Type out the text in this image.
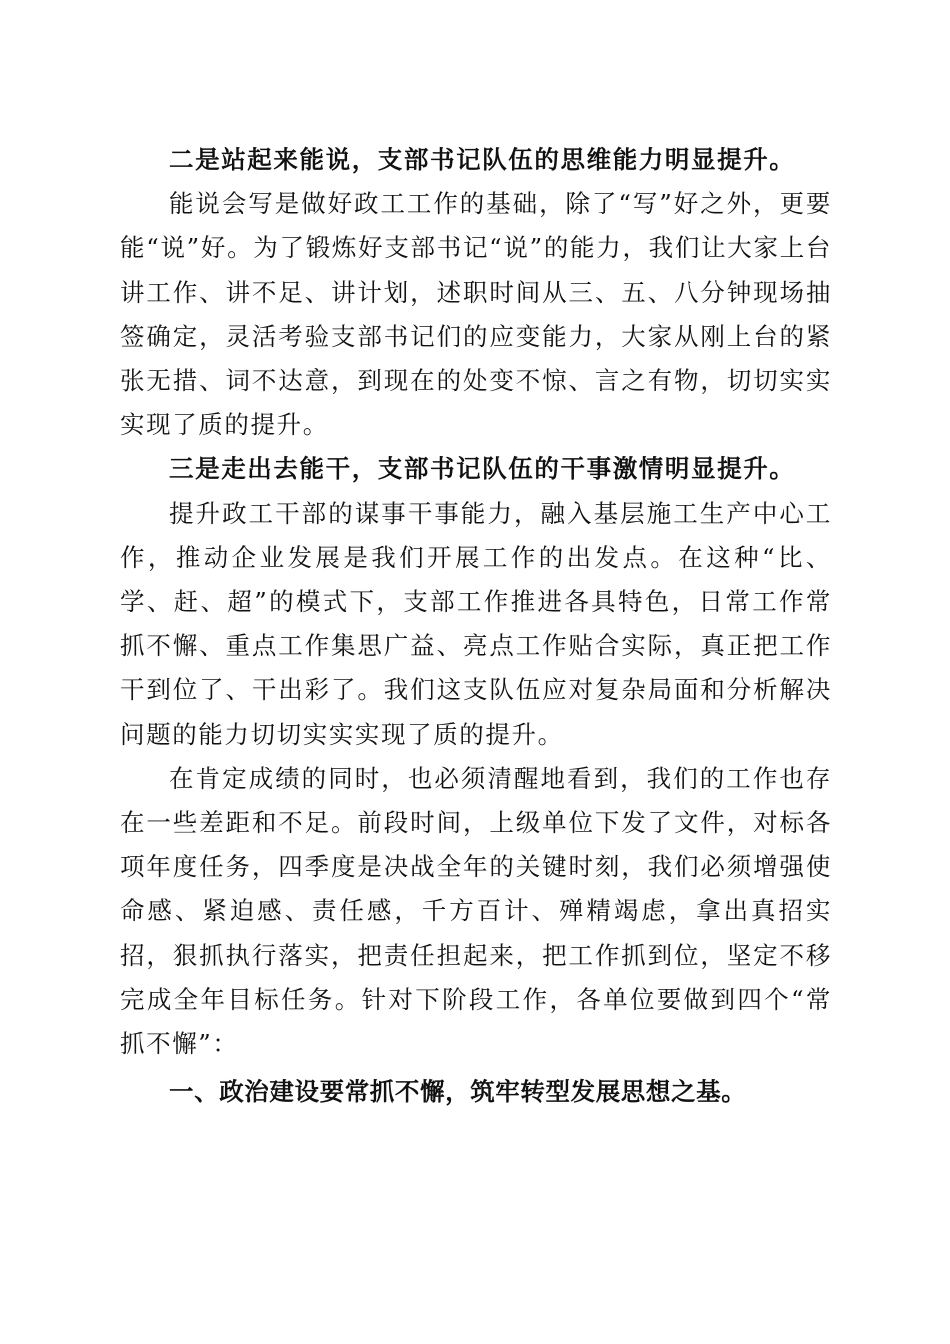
二是站起来能说，支部书记队伍的思维能力明显提升。

能说会写是做好政工工作的基础，除了“写”好之外，更要能“说”好。为了锻炼好支部书记“说”的能力，我们让大家上台讲工作、讲不足、讲计划，述职时间从三、五、八分钟现场抽签确定，灵活考验支部书记们的应变能力，大家从刚上台的紧张无措、词不达意，到现在的处变不惊、言之有物，切切实实实现了质的提升。

三是走出去能干，支部书记队伍的干事激情明显提升。

提升政工干部的谋事干事能力，融入基层施工生产中心工作，推动企业发展是我们开展工作的出发点。在这种“比、学、赶、超”的模式下，支部工作推进各具特色，日常工作常抓不懈、重点工作集思广益、亮点工作贴合实际，真正把工作干到位了、干出彩了。我们这支队伍应对复杂局面和分析解决问题的能力切切实实实现了质的提升。

在肯定成绩的同时，也必须清醒地看到，我们的工作也存在一些差距和不足。前段时间，上级单位下发了文件，对标各项年度任务，四季度是决战全年的关键时刻，我们必须增强使命感、紧迫感、责任感，千方百计、殚精竭虑，拿出真招实招，狠抓执行落实，把责任担起来，把工作抓到位，坚定不移完成全年目标任务。针对下阶段工作，各单位要做到四个“常抓不懈”：

一、政治建设要常抓不懈，筑牢转型发展思想之基。
